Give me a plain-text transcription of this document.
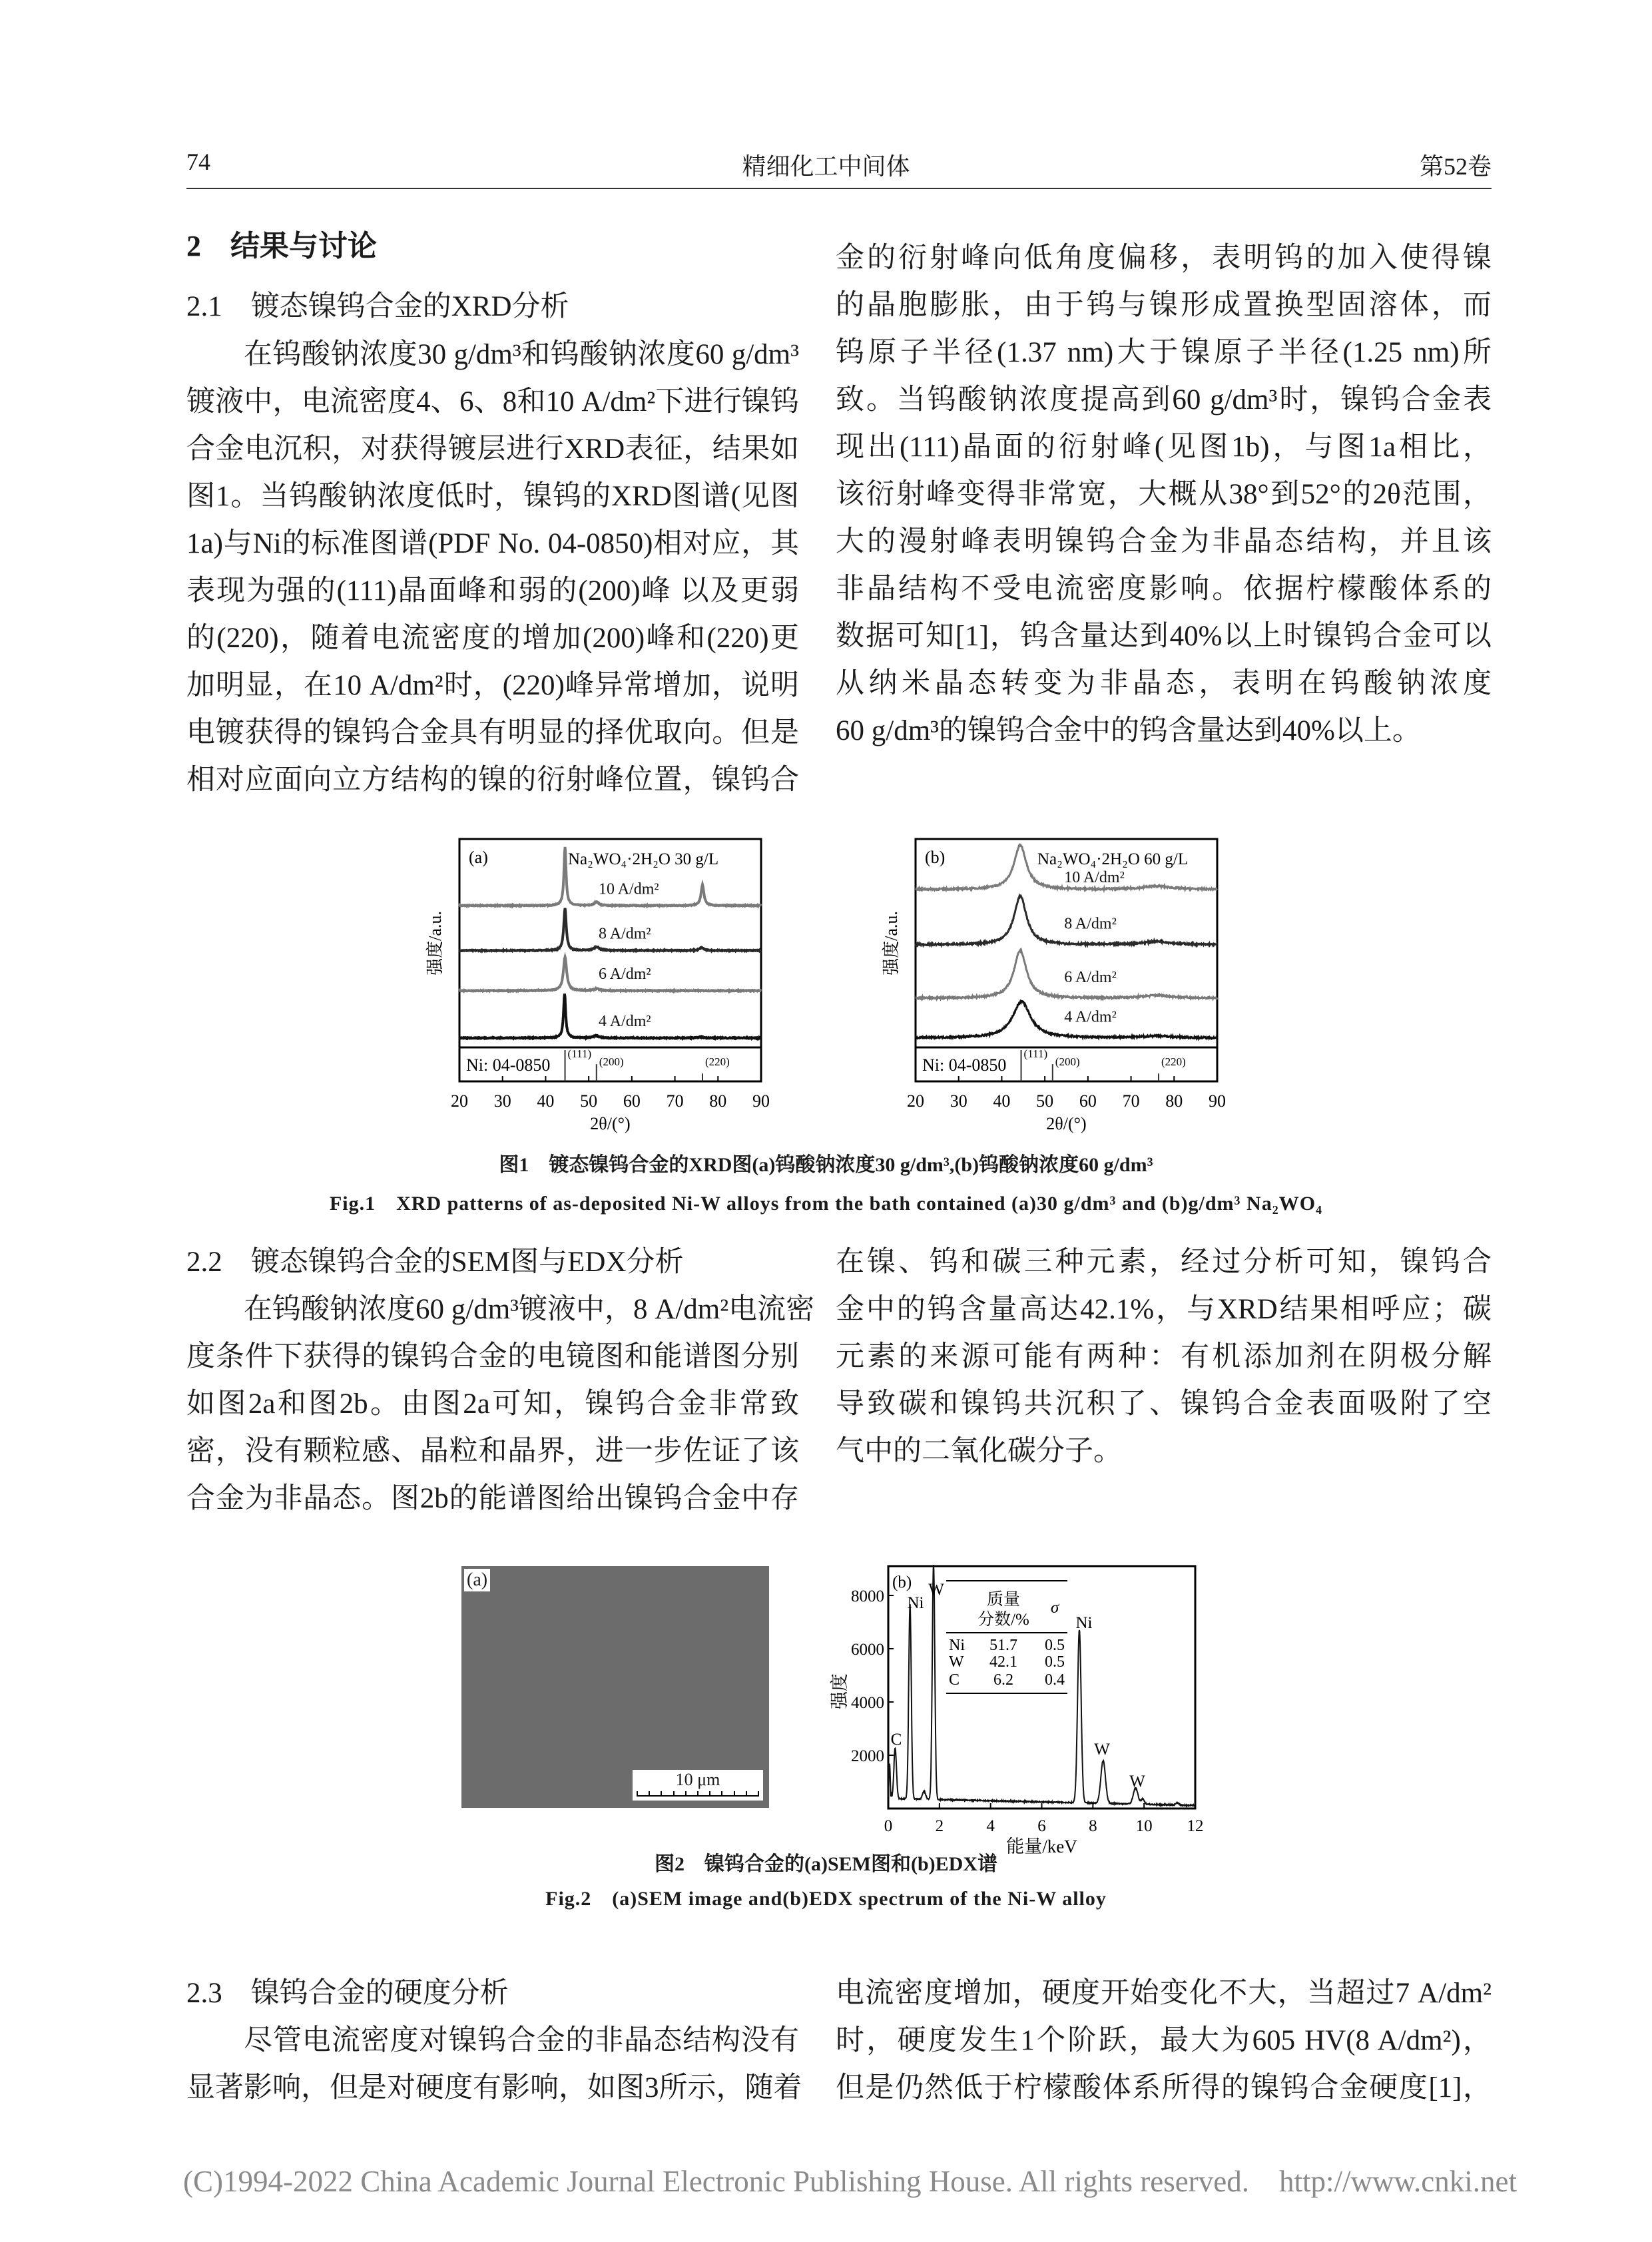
74	精细化工中间体	第52卷
2　结果与讨论
2.1　镀态镍钨合金的XRD分析
在钨酸钠浓度30 g/dm³和钨酸钠浓度60 g/dm³
镀液中，电流密度4、6、8和10 A/dm²下进行镍钨
合金电沉积，对获得镀层进行XRD表征，结果如
图1。当钨酸钠浓度低时，镍钨的XRD图谱(见图
1a)与Ni的标准图谱(PDF No. 04-0850)相对应，其
表现为强的(111)晶面峰和弱的(200)峰 以及更弱
的(220)，随着电流密度的增加(200)峰和(220)更
加明显，在10 A/dm²时，(220)峰异常增加，说明
电镀获得的镍钨合金具有明显的择优取向。但是
相对应面向立方结构的镍的衍射峰位置，镍钨合
金的衍射峰向低角度偏移，表明钨的加入使得镍
的晶胞膨胀，由于钨与镍形成置换型固溶体，而
钨原子半径(1.37 nm)大于镍原子半径(1.25 nm)所
致。当钨酸钠浓度提高到60 g/dm³时，镍钨合金表
现出(111)晶面的衍射峰(见图1b)，与图1a相比，
该衍射峰变得非常宽，大概从38°到52°的2θ范围，
大的漫射峰表明镍钨合金为非晶态结构，并且该
非晶结构不受电流密度影响。依据柠檬酸体系的
数据可知[1]，钨含量达到40%以上时镍钨合金可以
从纳米晶态转变为非晶态，表明在钨酸钠浓度
60 g/dm³的镍钨合金中的钨含量达到40%以上。
10 A/dm²
8 A/dm²
6 A/dm²
4 A/dm²
(a)	Na₂WO₄·2H₂O 30 g/L
Ni: 04-0850
(111)
(200)	(220)
20 30 40 50 60 70 80 90
2θ/(°)
强度/a.u.
10 A/dm²
8 A/dm²
6 A/dm²
4 A/dm²
(b)	Na₂WO₄·2H₂O 60 g/L
Ni: 04-0850
(111)
(200)	(220)
20 30 40 50 60 70 80 90
2θ/(°)
强度/a.u.
图1　镀态镍钨合金的XRD图(a)钨酸钠浓度30 g/dm³,(b)钨酸钠浓度60 g/dm³
Fig.1　XRD patterns of as-deposited Ni-W alloys from the bath contained (a)30 g/dm³ and (b)g/dm³ Na₂WO₄
2.2　镀态镍钨合金的SEM图与EDX分析
在钨酸钠浓度60 g/dm³镀液中，8 A/dm²电流密
度条件下获得的镍钨合金的电镜图和能谱图分别
如图2a和图2b。由图2a可知，镍钨合金非常致
密，没有颗粒感、晶粒和晶界，进一步佐证了该
合金为非晶态。图2b的能谱图给出镍钨合金中存
在镍、钨和碳三种元素，经过分析可知，镍钨合
金中的钨含量高达42.1%，与XRD结果相呼应；碳
元素的来源可能有两种：有机添加剂在阴极分解
导致碳和镍钨共沉积了、镍钨合金表面吸附了空
气中的二氧化碳分子。
(a)
10 μm
C
Ni
W
Ni
W
W
(b)
0	2	4	6	8 10 12
2000
4000
6000
8000
能量/keV
强度
质量
分数/%
σ
Ni 51.7 0.5
W 42.1 0.5
C 6.2 0.4
图2　镍钨合金的(a)SEM图和(b)EDX谱
Fig.2　(a)SEM image and(b)EDX spectrum of the Ni-W alloy
2.3　镍钨合金的硬度分析
尽管电流密度对镍钨合金的非晶态结构没有
显著影响，但是对硬度有影响，如图3所示，随着
电流密度增加，硬度开始变化不大，当超过7 A/dm²
时，硬度发生1个阶跃，最大为605 HV(8 A/dm²)，
但是仍然低于柠檬酸体系所得的镍钨合金硬度[1]，
(C)1994-2022 China Academic Journal Electronic Publishing House. All rights reserved. http://www.cnki.net
